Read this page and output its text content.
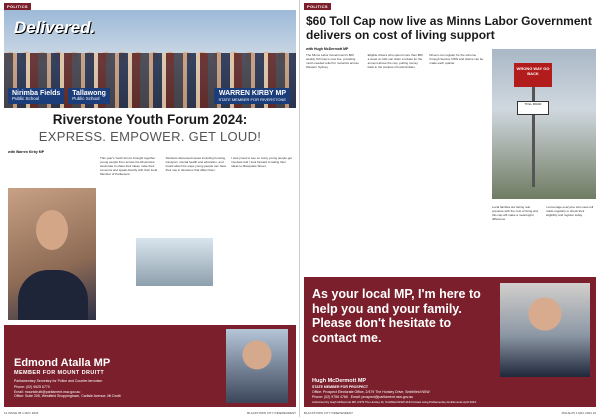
POLITICS
Delivered.
Nirimba Fields
Public School
Tallawong
Public School
WARREN KIRBY MP
STATE MEMBER FOR RIVERSTONE
Riverstone Youth Forum 2024:
EXPRESS. EMPOWER. GET LOUD!
with Warren Kirby MP

This year's Youth Forum brought together young people from across the Riverstone electorate to share their ideas, raise their concerns and speak directly with their local Member of Parliament.

Students discussed issues including housing, transport, mental health and education, and heard about the ways young people can have their say in decisions that affect them.

I was proud to see so many young people get involved and I look forward to taking their ideas to Macquarie Street.

Edmond Atalla MP
MEMBER FOR MOUNT DRUITT
Parliamentary Secretary for Police and Counter-terrorism
Phone: (02) 9625 6770
Email: mountdruitt@parliament.nsw.gov.au
Office: Suite 205, Westfield Shoppingtown, Carlisle Avenue, Mt Druitt
14 ISSUE 65 1 MAY 2024	BLACKTOWN CITY INDEPENDENT
POLITICS
$60 Toll Cap now live as Minns Labor Government delivers on cost of living support
with Hugh McDermott MP

The Minns Labor Government's $60 weekly Toll Cap is now live, providing much-needed relief for motorists across Western Sydney.

Eligible drivers who spend more than $60 a week on tolls can claim a rebate for the amount above the cap, putting money back in the pockets of local families.

Drivers can register for the scheme through Service NSW and claims can be made each quarter.

WRONG WAY GO BACK
TOLL ROAD

Local families are facing real pressure with the cost of living and this cap will make a meaningful difference.

I encourage everyone who uses toll roads regularly to check their eligibility and register today.

As your local MP, I'm here to help you and your family. Please don't hesitate to contact me.
Hugh McDermott MP
STATE MEMBER FOR PROSPECT
Office: Prospect Electorate Office, 2/479 The Horsley Drive, Smithfield NSW
Phone: (02) 9756 4766 Email: prospect@parliament.nsw.gov.au
Authorised by Hugh McDermott MP, 2/479 The Horsley Dr, Smithfield NSW 2164 funded using Parliamentary Entitlements April 2024.
BLACKTOWN CITY INDEPENDENT	ISSUE 65 1 MAY 2024 15
